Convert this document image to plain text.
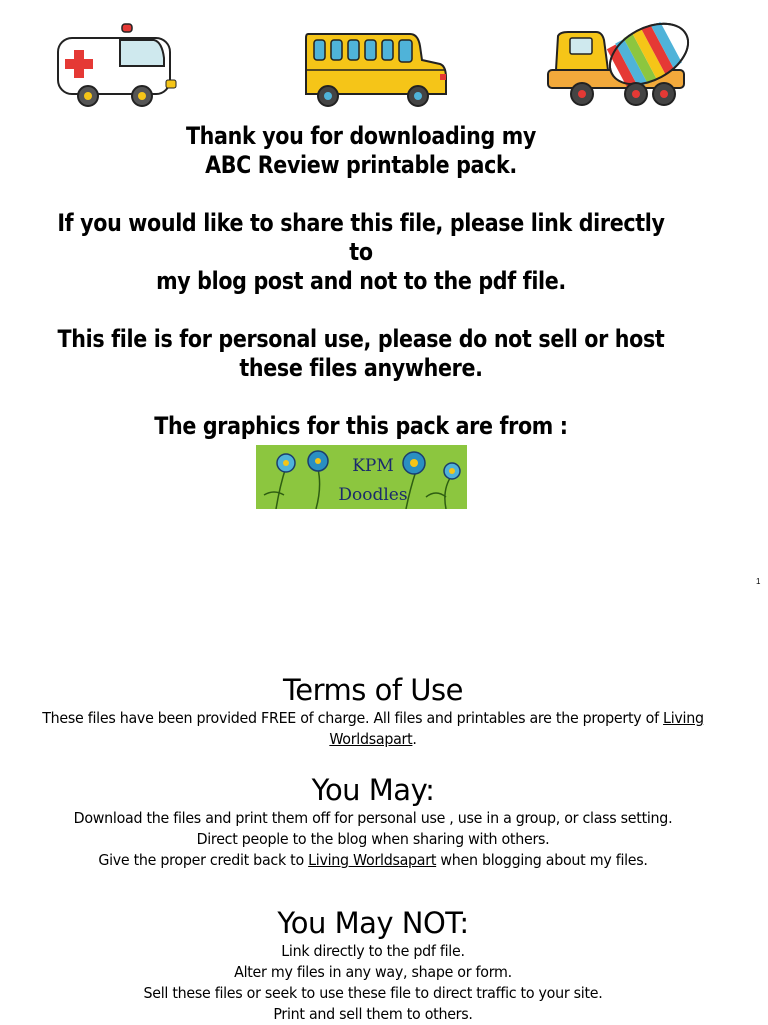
Thank you for downloading my
ABC Review printable pack.

If you would like to share this file, please link directly to
my blog post and not to the pdf file.

This file is for personal use, please do not sell or host
these files anywhere.

The graphics for this pack are from :

KPM
Doodles
1
Terms of Use

These files have been provided FREE of charge. All files and printables are the property of Living
Worldsapart.

You May:

Download the files and print them off for personal use , use in a group, or class setting.
Direct people to the blog when sharing with others.
Give the proper credit back to Living Worldsapart when blogging about my files.

You May NOT:

Link directly to the pdf file.
Alter my files in any way, shape or form.
Sell these files or seek to use these file to direct traffic to your site.
Print and sell them to others.
